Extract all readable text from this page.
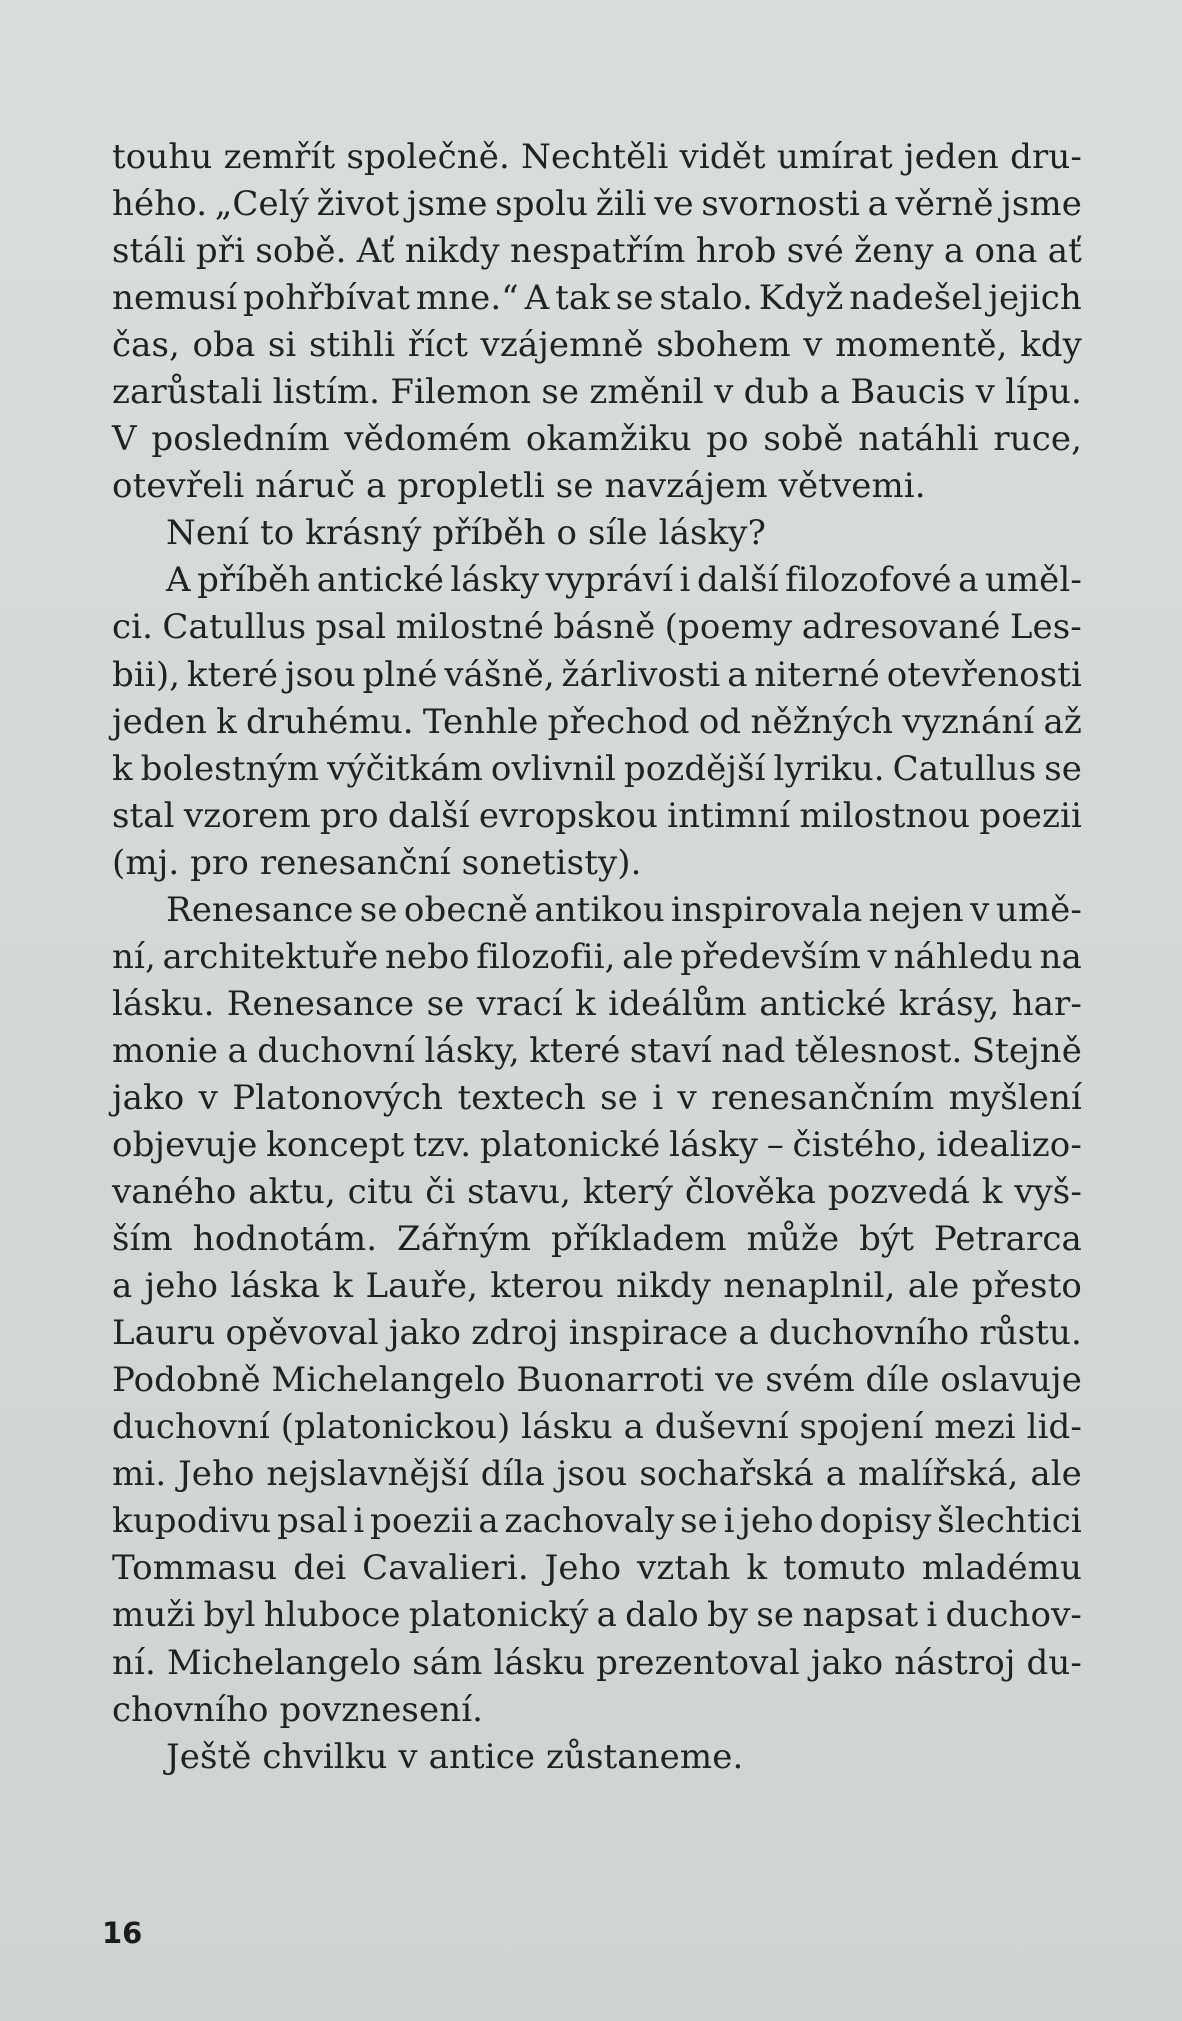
touhu zemřít společně. Nechtěli vidět umírat jeden dru-
hého. „Celý život jsme spolu žili ve svornosti a věrně jsme
stáli při sobě. Ať nikdy nespatřím hrob své ženy a ona ať
nemusí pohřbívat mne.“ A tak se stalo. Když nadešel jejich
čas, oba si stihli říct vzájemně sbohem v momentě, kdy
zarůstali listím. Filemon se změnil v dub a Baucis v lípu.
V posledním vědomém okamžiku po sobě natáhli ruce,
otevřeli náruč a propletli se navzájem větvemi.
Není to krásný příběh o síle lásky?
A příběh antické lásky vypráví i další filozofové a uměl-
ci. Catullus psal milostné básně (poemy adresované Les-
bii), které jsou plné vášně, žárlivosti a niterné otevřenosti
jeden k druhému. Tenhle přechod od něžných vyznání až
k bolestným výčitkám ovlivnil pozdější lyriku. Catullus se
stal vzorem pro další evropskou intimní milostnou poezii
(mj. pro renesanční sonetisty).
Renesance se obecně antikou inspirovala nejen v umě-
ní, architektuře nebo filozofii, ale především v náhledu na
lásku. Renesance se vrací k ideálům antické krásy, har-
monie a duchovní lásky, které staví nad tělesnost. Stejně
jako v Platonových textech se i v renesančním myšlení
objevuje koncept tzv. platonické lásky – čistého, idealizo-
vaného aktu, citu či stavu, který člověka pozvedá k vyš-
ším hodnotám. Zářným příkladem může být Petrarca
a jeho láska k Lauře, kterou nikdy nenaplnil, ale přesto
Lauru opěvoval jako zdroj inspirace a duchovního růstu.
Podobně Michelangelo Buonarroti ve svém díle oslavuje
duchovní (platonickou) lásku a duševní spojení mezi lid-
mi. Jeho nejslavnější díla jsou sochařská a malířská, ale
kupodivu psal i poezii a zachovaly se i jeho dopisy šlechtici
Tommasu dei Cavalieri. Jeho vztah k tomuto mladému
muži byl hluboce platonický a dalo by se napsat i duchov-
ní. Michelangelo sám lásku prezentoval jako nástroj du-
chovního povznesení.
Ještě chvilku v antice zůstaneme.
16
